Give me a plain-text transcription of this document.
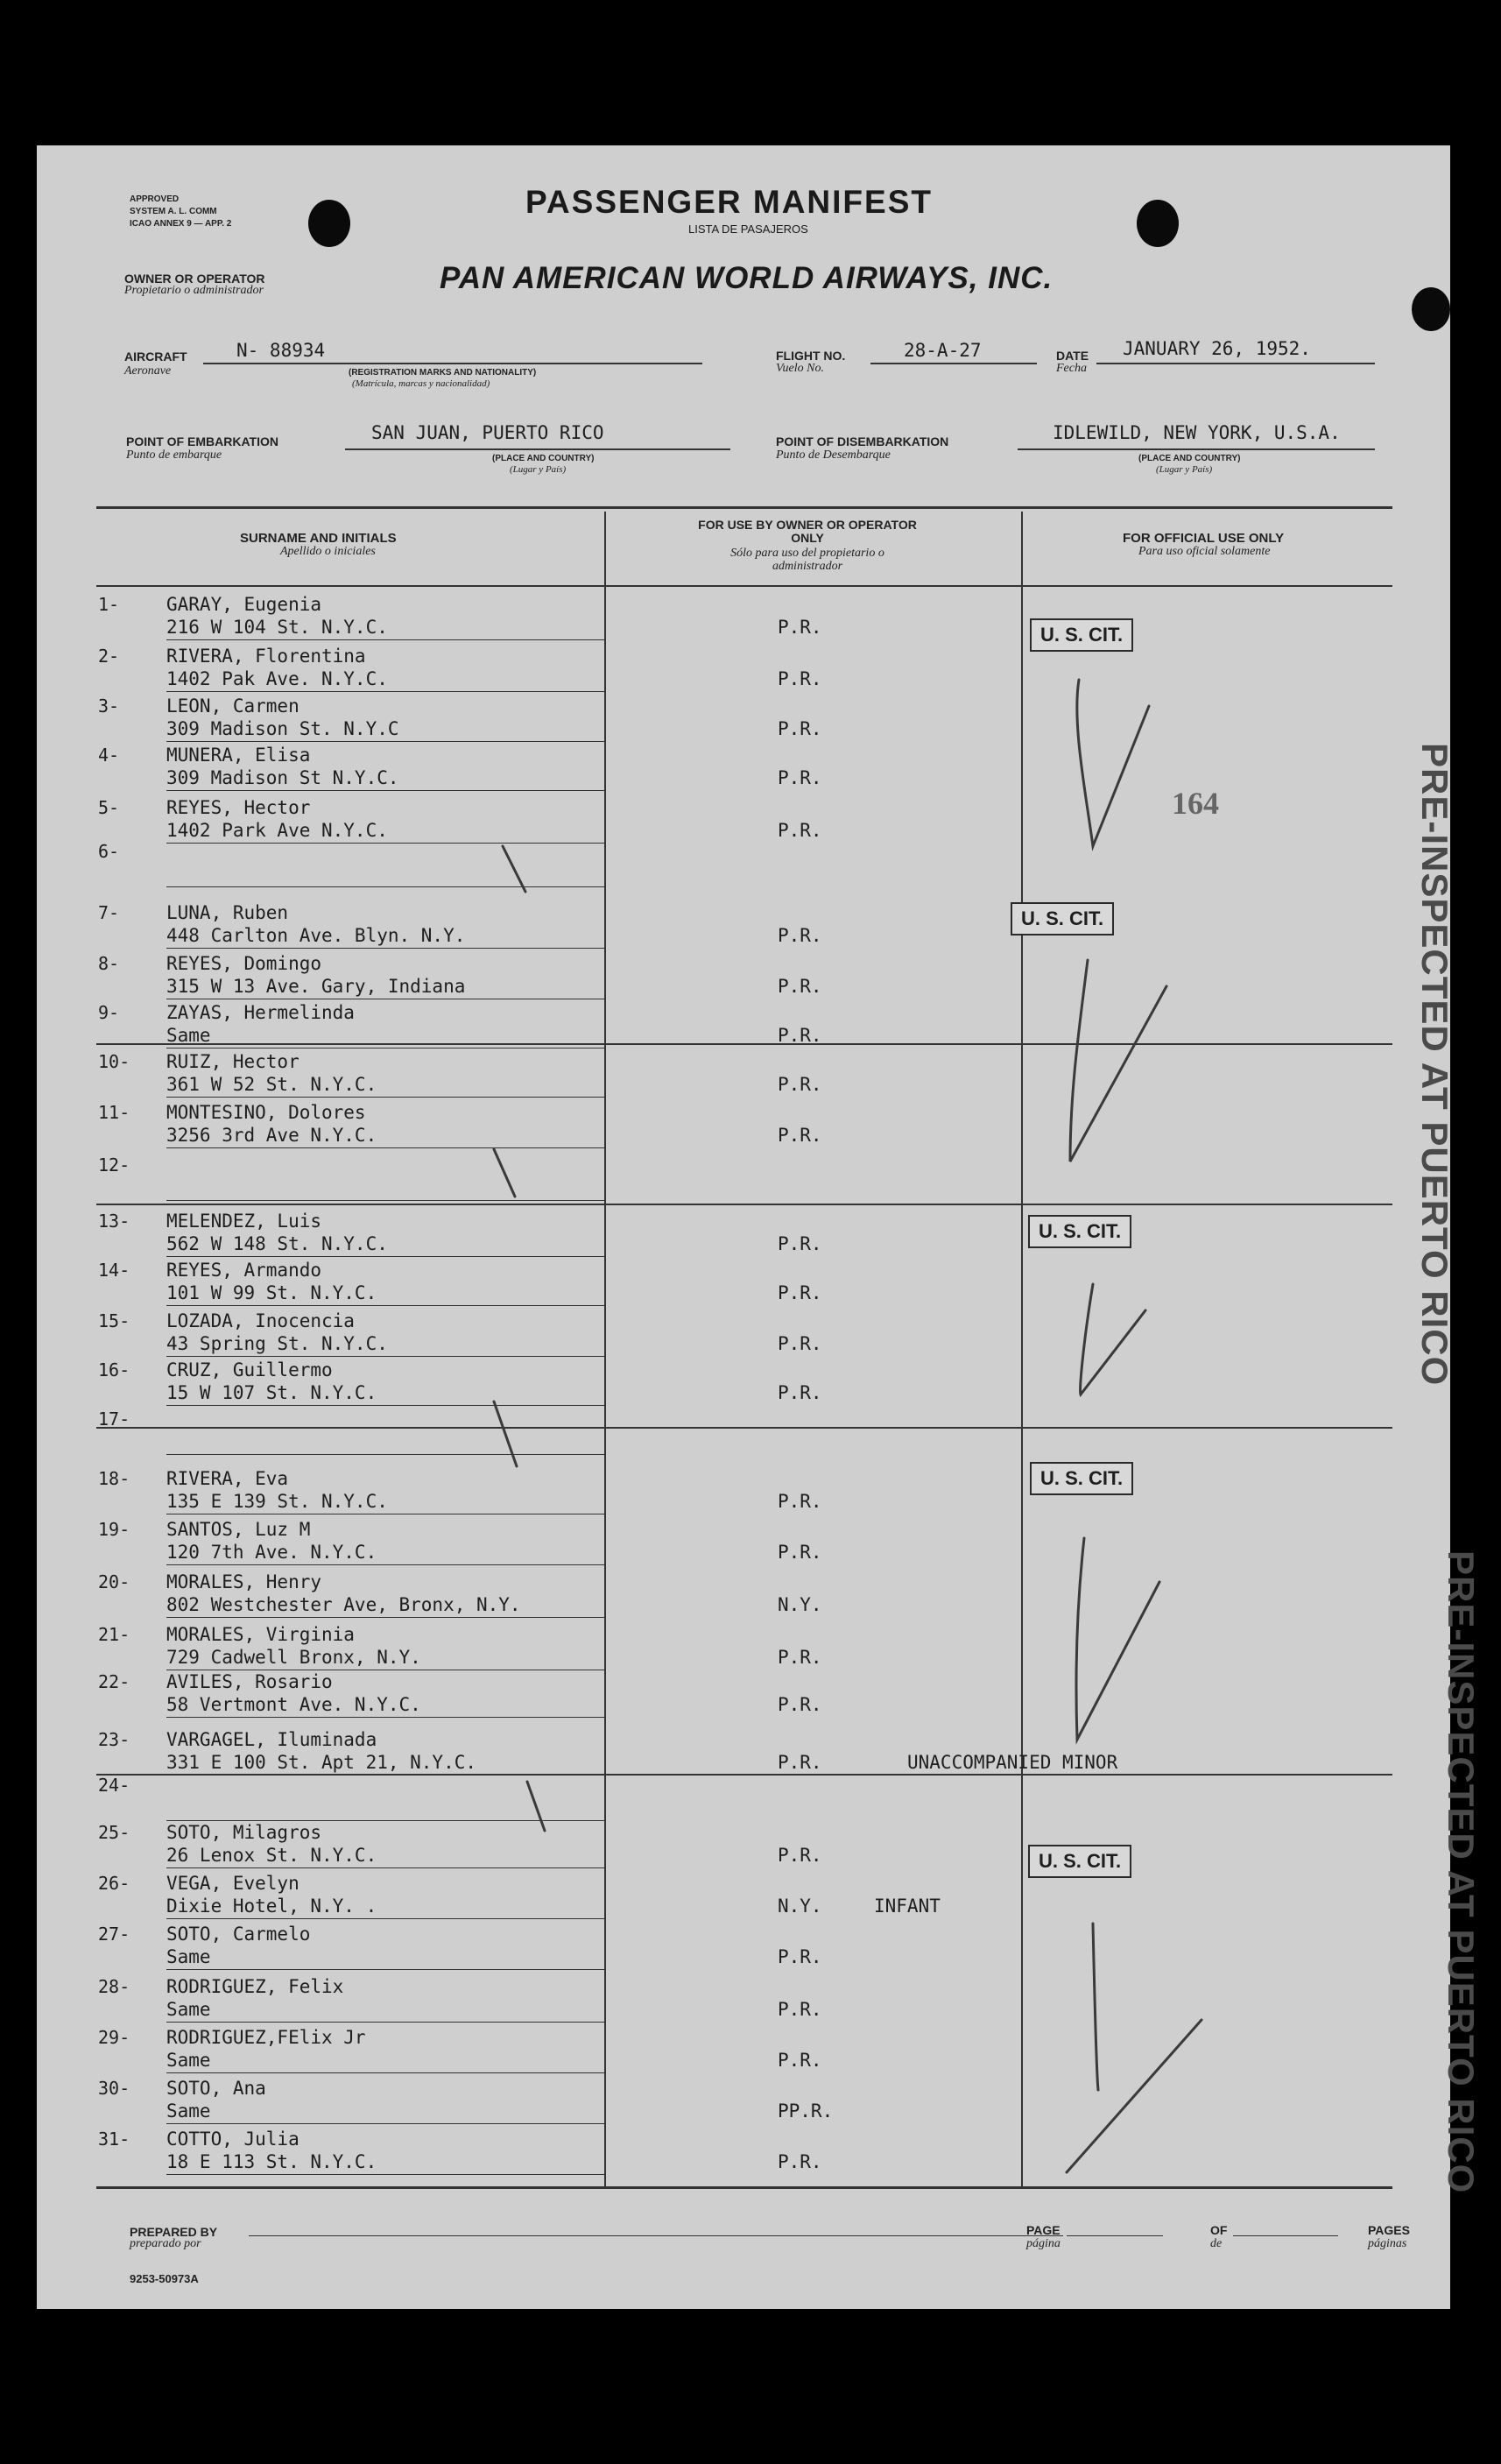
APPROVED
SYSTEM A. L. COMM
ICAO ANNEX 9 — APP. 2
PASSENGER MANIFEST
LISTA DE PASAJEROS
OWNER OR OPERATOR
Propietario o administrador	PAN AMERICAN WORLD AIRWAYS, INC.
AIRCRAFT
Aeronave
N- 88934
(REGISTRATION MARKS AND NATIONALITY)
(Matrícula, marcas y nacionalidad)
FLIGHT NO.
Vuelo No.
28-A-27	DATE
Fecha
JANUARY 26, 1952.
POINT OF EMBARKATION
Punto de embarque
SAN JUAN, PUERTO RICO
(PLACE AND COUNTRY)
(Lugar y País)
POINT OF DISEMBARKATION
Punto de Desembarque
IDLEWILD, NEW YORK, U.S.A.
(PLACE AND COUNTRY)
(Lugar y País)
SURNAME AND INITIALS
Apellido o iniciales
FOR USE BY OWNER OR OPERATOR ONLY
Sólo para uso del propietario o administrador
FOR OFFICIAL USE ONLY
Para uso oficial solamente
1-	GARAY, Eugenia
216 W 104 St. N.Y.C.	P.R.
2-	RIVERA, Florentina
1402 Pak Ave. N.Y.C.	P.R.
3-	LEON, Carmen
309 Madison St. N.Y.C	P.R.
4-	MUNERA, Elisa
309 Madison St N.Y.C.	P.R.
5-	REYES, Hector
1402 Park Ave N.Y.C.	P.R.
6-
7-	LUNA, Ruben
448 Carlton Ave. Blyn. N.Y.	P.R.
8-	REYES, Domingo
315 W 13 Ave. Gary, Indiana	P.R.
9-	ZAYAS, Hermelinda
Same	P.R.
10- RUIZ, Hector
361 W 52 St. N.Y.C.	P.R.
11- MONTESINO, Dolores
3256 3rd Ave N.Y.C.	P.R.
12-
13- MELENDEZ, Luis
562 W 148 St. N.Y.C.	P.R.
14- REYES, Armando
101 W 99 St. N.Y.C.	P.R.
15- LOZADA, Inocencia
43 Spring St. N.Y.C.	P.R.
16- CRUZ, Guillermo
15 W 107 St. N.Y.C.	P.R.
17-
18- RIVERA, Eva
135 E 139 St. N.Y.C.	P.R.
19- SANTOS, Luz M
120 7th Ave. N.Y.C.	P.R.
20- MORALES, Henry
802 Westchester Ave, Bronx, N.Y.	N.Y.
21- MORALES, Virginia
729 Cadwell Bronx, N.Y.	P.R.
22- AVILES, Rosario
58 Vertmont Ave. N.Y.C.	P.R.
23- VARGAGEL, Iluminada
331 E 100 St. Apt 21, N.Y.C.	P.R.	UNACCOMPANIED MINOR
24-
25- SOTO, Milagros
26 Lenox St. N.Y.C.	P.R.
26- VEGA, Evelyn
Dixie Hotel, N.Y. .	N.Y.	INFANT
27- SOTO, Carmelo
Same	P.R.
28- RODRIGUEZ, Felix
Same	P.R.
29- RODRIGUEZ,FElix Jr
Same	P.R.
30- SOTO, Ana
Same	PP.R.
31- COTTO, Julia
18 E 113 St. N.Y.C.	P.R.
U. S. CIT.
U. S. CIT.
U. S. CIT.
U. S. CIT.
U. S. CIT.
164	PRE-INSPECTED AT PUERTO RICO
PRE-INSPECTED AT PUERTO RICO
PREPARED BY
preparado por
PAGE
página
OF
de
PAGES
páginas
9253-50973A
